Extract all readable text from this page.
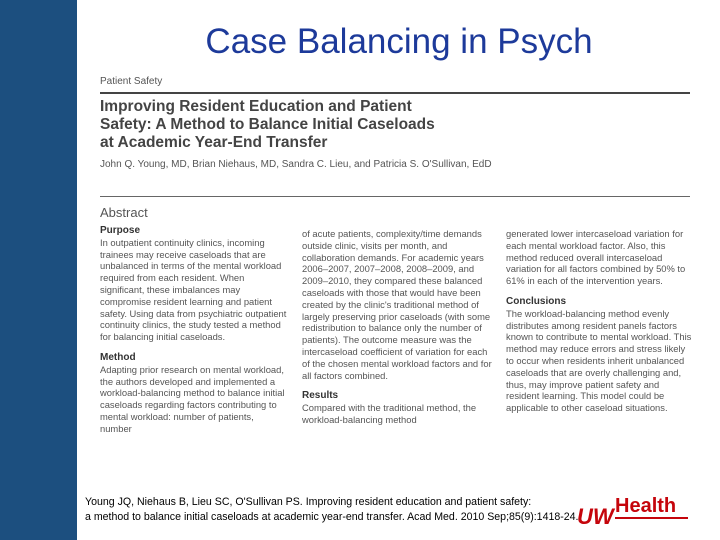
Case Balancing in Psych
Patient Safety
Improving Resident Education and Patient
Safety: A Method to Balance Initial Caseloads
at Academic Year-End Transfer
John Q. Young, MD, Brian Niehaus, MD, Sandra C. Lieu, and Patricia S. O'Sullivan, EdD
Abstract
Purpose
In outpatient continuity clinics, incoming trainees may receive caseloads that are unbalanced in terms of the mental workload required from each resident. When significant, these imbalances may compromise resident learning and patient safety. Using data from psychiatric outpatient continuity clinics, the study tested a method for balancing initial caseloads.
Method
Adapting prior research on mental workload, the authors developed and implemented a workload-balancing method to balance initial caseloads regarding factors contributing to mental workload: number of patients, number
of acute patients, complexity/time demands outside clinic, visits per month, and collaboration demands. For academic years 2006–2007, 2007–2008, 2008–2009, and 2009–2010, they compared these balanced caseloads with those that would have been created by the clinic's traditional method of largely preserving prior caseloads (with some redistribution to balance only the number of patients). The outcome measure was the intercaseload coefficient of variation for each of the chosen mental workload factors and for all factors combined.
Results
Compared with the traditional method, the workload-balancing method
generated lower intercaseload variation for each mental workload factor. Also, this method reduced overall intercaseload variation for all factors combined by 50% to 61% in each of the intervention years.
Conclusions
The workload-balancing method evenly distributes among resident panels factors known to contribute to mental workload. This method may reduce errors and stress likely to occur when residents inherit unbalanced caseloads that are overly challenging and, thus, may improve patient safety and resident learning. This model could be applicable to other caseload situations.
Young JQ, Niehaus B, Lieu SC, O'Sullivan PS. Improving resident education and patient safety:
a method to balance initial caseloads at academic year-end transfer. Acad Med. 2010 Sep;85(9):1418-24.
UW Health
